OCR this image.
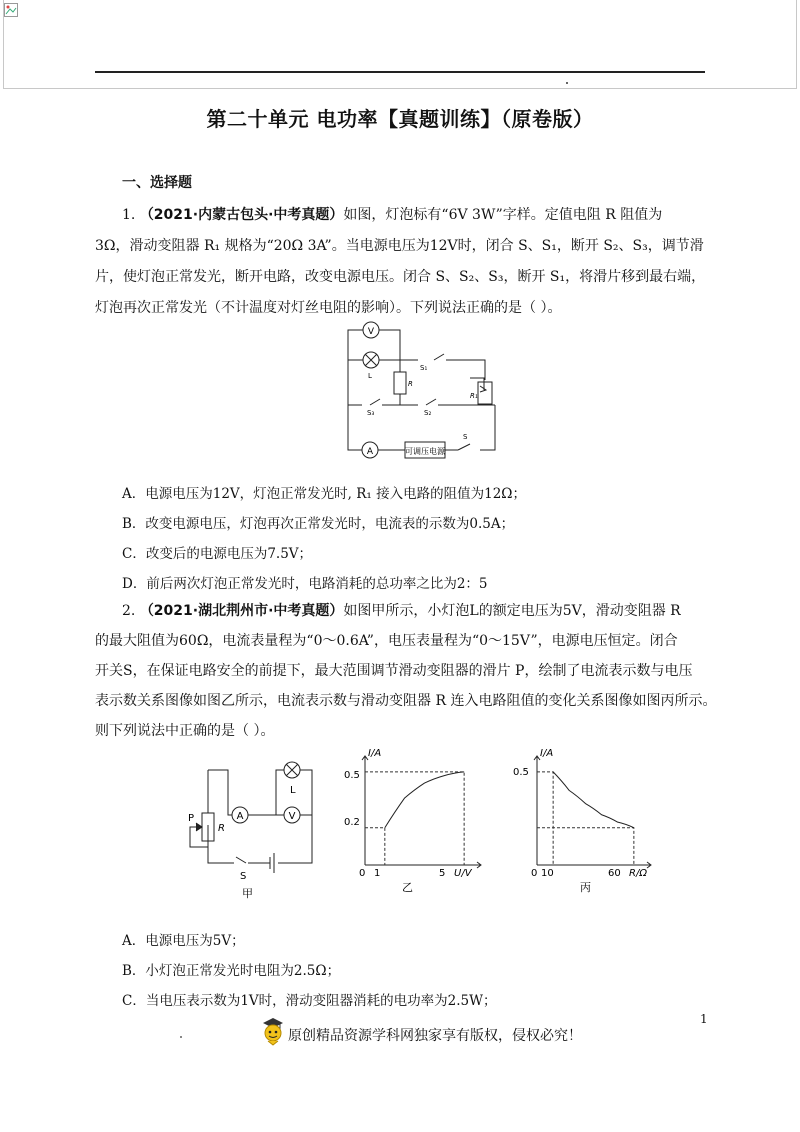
第二十单元 电功率【真题训练】（原卷版）
一、选择题
1. （2021·内蒙古包头·中考真题）如图，灯泡标有“6V 3W”字样。定值电阻 R 阻值为
3Ω，滑动变阻器 R₁ 规格为“20Ω 3A”。当电源电压为12V时，闭合 S、S₁，断开 S₂、S₃，调节滑
片，使灯泡正常发光，断开电路，改变电源电压。闭合 S、S₂、S₃，断开 S₁，将滑片移到最右端，
灯泡再次正常发光（不计温度对灯丝电阻的影响）。下列说法正确的是（ ）。
V
A	可调压电源
L
R
R₁
S₁
S₃	S₂
S
A．电源电压为12V，灯泡正常发光时, R₁ 接入电路的阻值为12Ω；
B．改变电源电压，灯泡再次正常发光时，电流表的示数为0.5A；
C．改变后的电源电压为7.5V；
D．前后两次灯泡正常发光时，电路消耗的总功率之比为2：5
2. （2021·湖北荆州市·中考真题）如图甲所示，小灯泡L的额定电压为5V，滑动变阻器 R
的最大阻值为60Ω，电流表量程为“0～0.6A”，电压表量程为“0～15V”，电源电压恒定。闭合
开关S，在保证电路安全的前提下，最大范围调节滑动变阻器的滑片 P，绘制了电流表示数与电压
表示数关系图像如图乙所示，电流表示数与滑动变阻器 R 连入电路阻值的变化关系图像如图丙所示。
则下列说法中正确的是（ ）。
A	V
L
P
R
S
甲
I/A
U/V
0.5
0.2
0 1	5
乙
I/A
R/Ω
0.5
0 10	60
丙
A．电源电压为5V；
B．小灯泡正常发光时电阻为2.5Ω；
C．当电压表示数为1V时，滑动变阻器消耗的电功率为2.5W；
1
原创精品资源学科网独家享有版权，侵权必究！
